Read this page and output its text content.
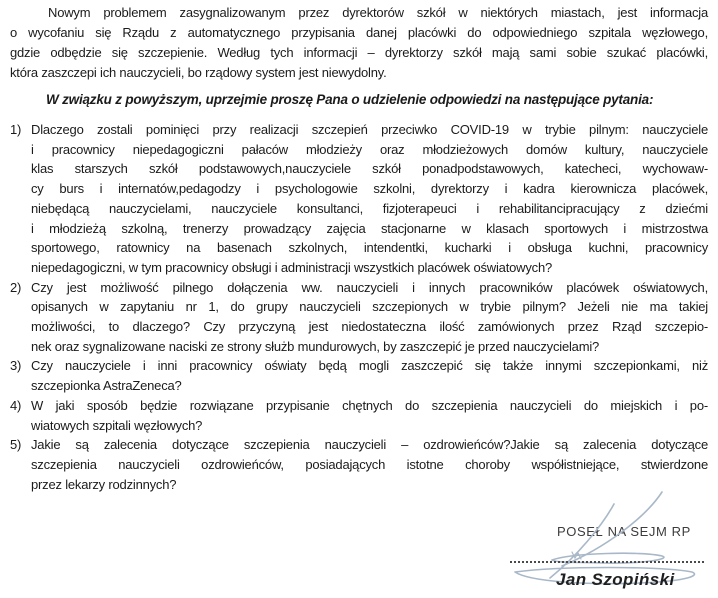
Nowym problemem zasygnalizowanym przez dyrektorów szkół w niektórych miastach, jest informacja
o wycofaniu się Rządu z automatycznego przypisania danej placówki do odpowiedniego szpitala węzłowego,
gdzie odbędzie się szczepienie. Według tych informacji – dyrektorzy szkół mają sami sobie szukać placówki,
która zaszczepi ich nauczycieli, bo rządowy system jest niewydolny.
W związku z powyższym, uprzejmie proszę Pana o udzielenie odpowiedzi na następujące pytania:
1) Dlaczego zostali pominięci przy realizacji szczepień przeciwko COVID-19 w trybie pilnym: nauczyciele
i pracownicy niepedagogiczni pałaców młodzieży oraz młodzieżowych domów kultury, nauczyciele
klas starszych szkół podstawowych,nauczyciele szkół ponadpodstawowych, katecheci, wychowaw-
cy burs i internatów,pedagodzy i psychologowie szkolni, dyrektorzy i kadra kierownicza placówek,
niebędącą nauczycielami, nauczyciele konsultanci, fizjoterapeuci i rehabilitancipracujący z dziećmi
i młodzieżą szkolną, trenerzy prowadzący zajęcia stacjonarne w klasach sportowych i mistrzostwa
sportowego, ratownicy na basenach szkolnych, intendentki, kucharki i obsługa kuchni, pracownicy
niepedagogiczni, w tym pracownicy obsługi i administracji wszystkich placówek oświatowych?
2) Czy jest możliwość pilnego dołączenia ww. nauczycieli i innych pracowników placówek oświatowych,
opisanych w zapytaniu nr 1, do grupy nauczycieli szczepionych w trybie pilnym? Jeżeli nie ma takiej
możliwości, to dlaczego? Czy przyczyną jest niedostateczna ilość zamówionych przez Rząd szczepio-
nek oraz sygnalizowane naciski ze strony służb mundurowych, by zaszczepić je przed nauczycielami?
3) Czy nauczyciele i inni pracownicy oświaty będą mogli zaszczepić się także innymi szczepionkami, niż
szczepionka AstraZeneca?
4) W jaki sposób będzie rozwiązane przypisanie chętnych do szczepienia nauczycieli do miejskich i po-
wiatowych szpitali węzłowych?
5) Jakie są zalecenia dotyczące szczepienia nauczycieli – ozdrowieńców?Jakie są zalecenia dotyczące
szczepienia nauczycieli ozdrowieńców, posiadających istotne choroby współistniejące, stwierdzone
przez lekarzy rodzinnych?
POSEŁ NA SEJM RP
Jan Szopiński
